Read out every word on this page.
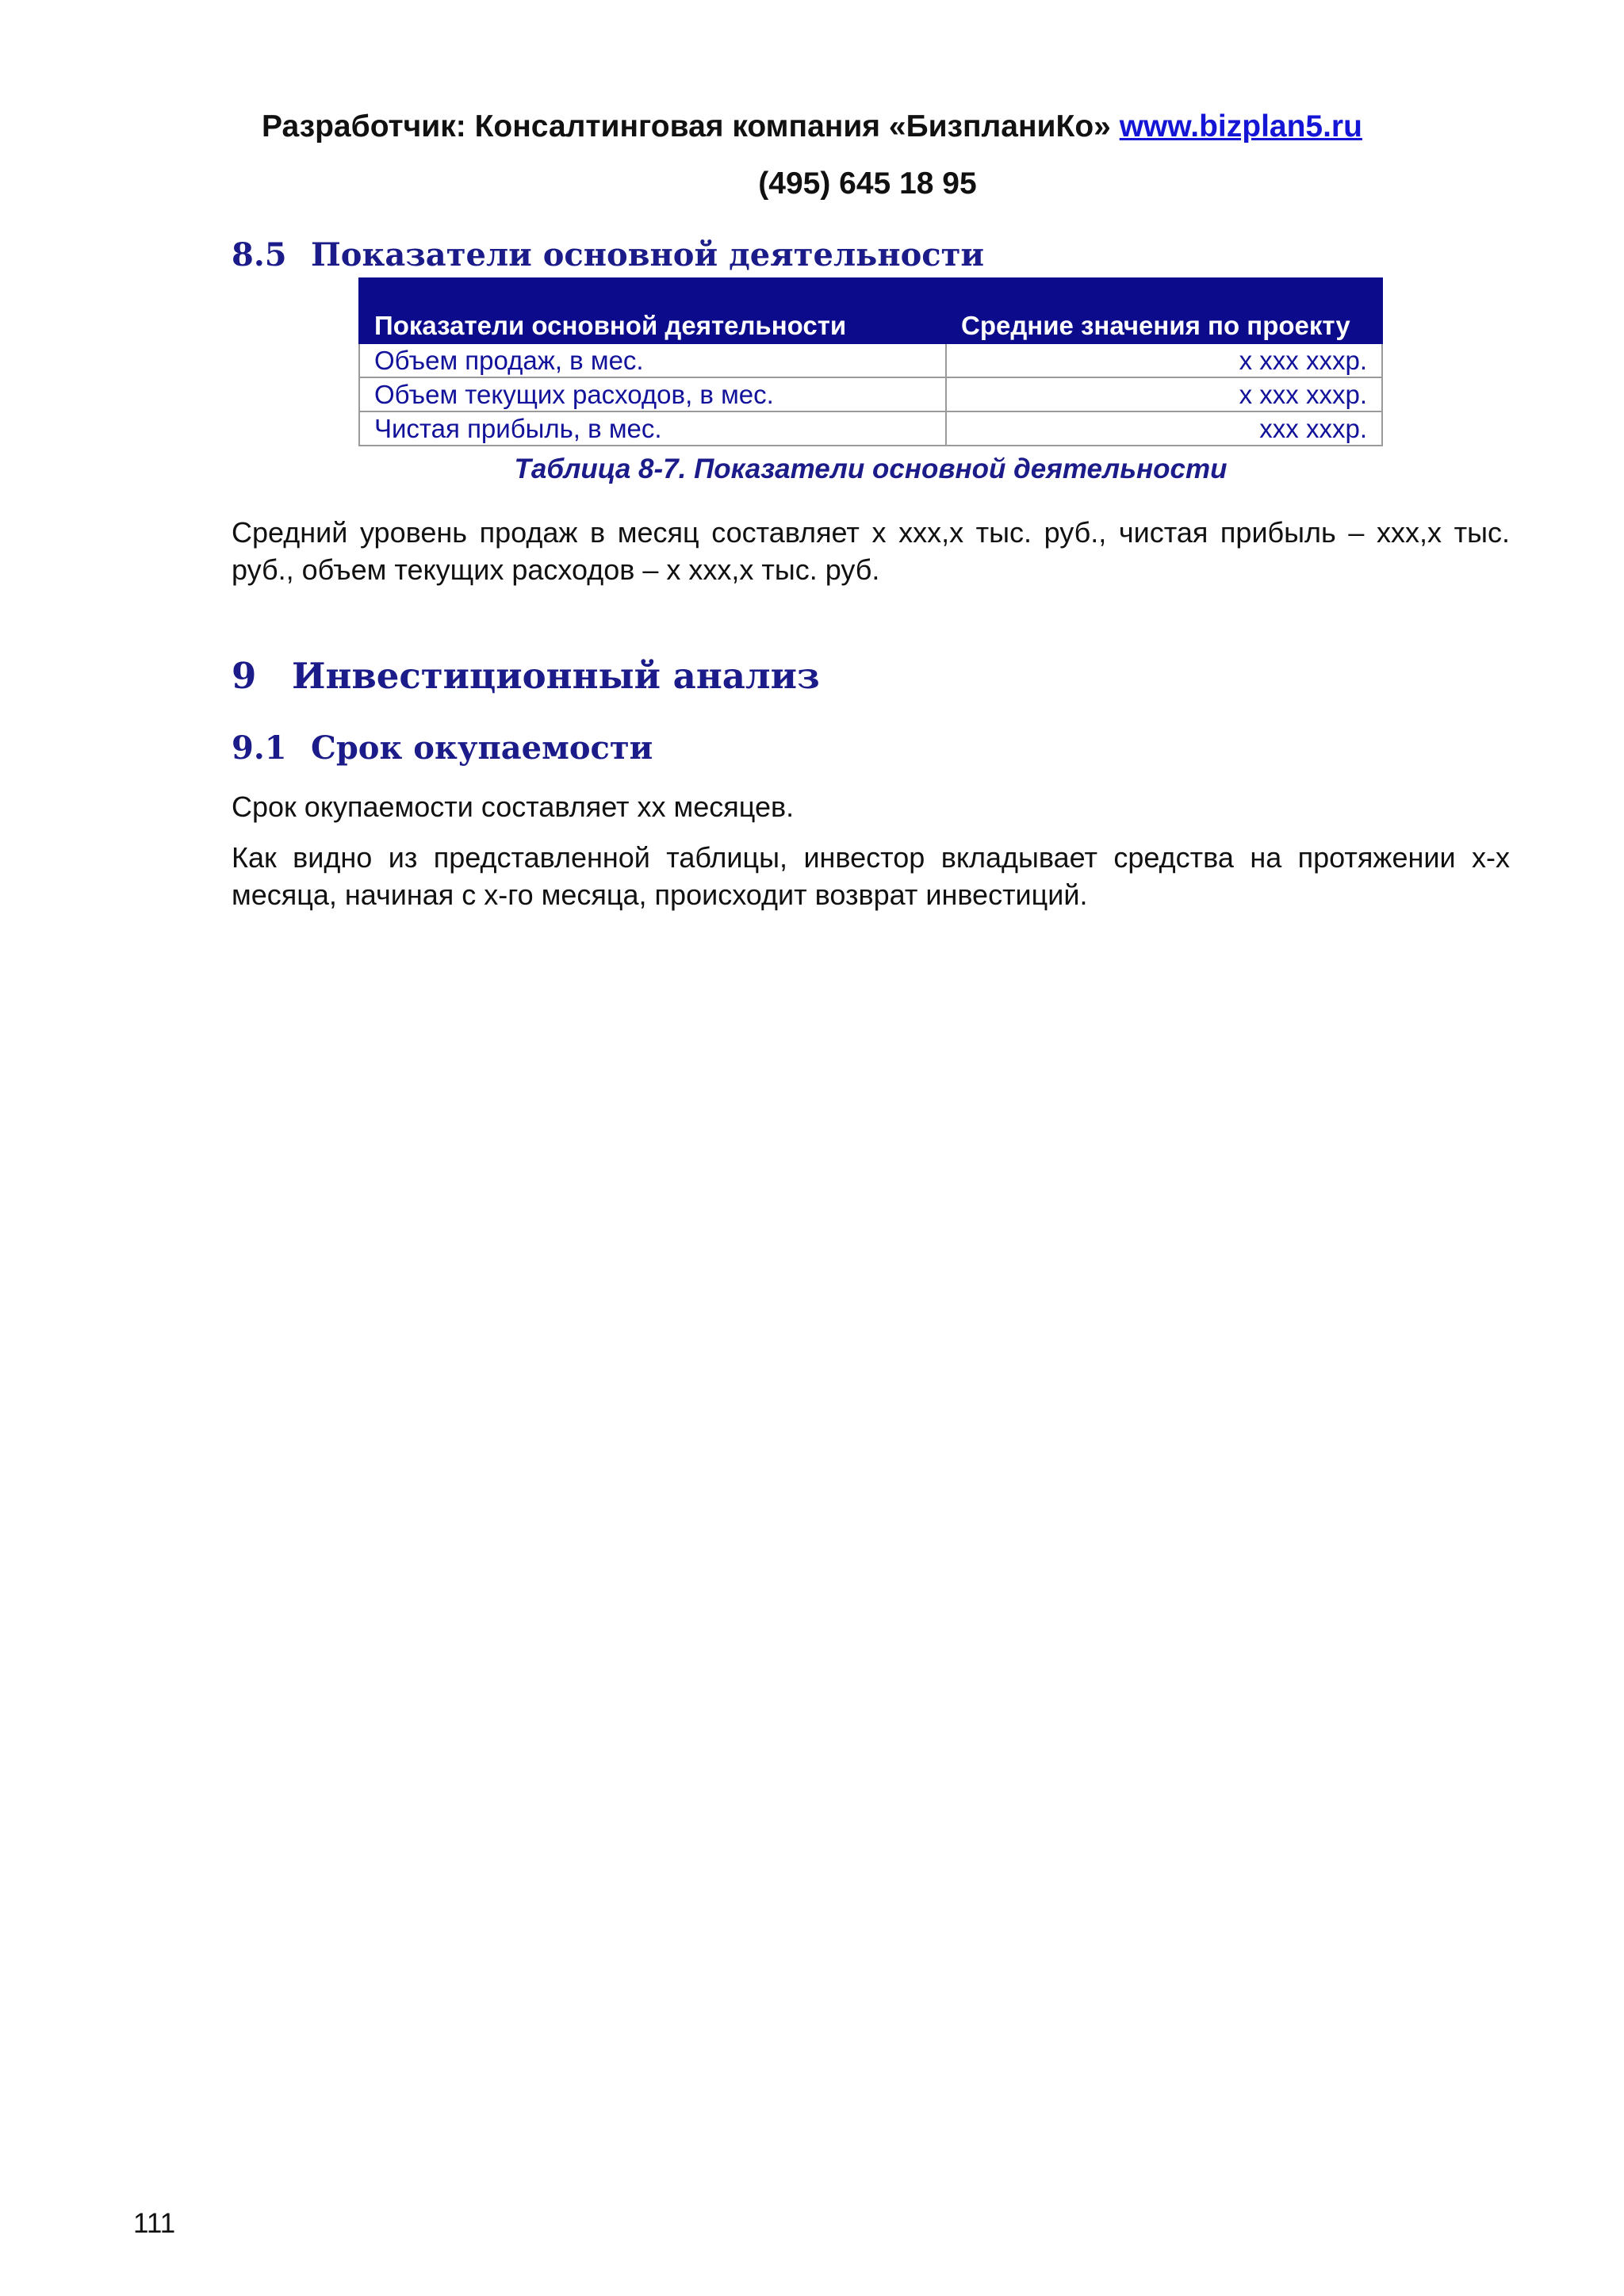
Разработчик: Консалтинговая компания «БизпланиКо» www.bizplan5.ru
(495) 645 18 95
8.5 Показатели основной деятельности
Показатели основной деятельности	Средние значения по проекту
Объем продаж, в мес.	х ххх хххр.
Объем текущих расходов, в мес.	х ххх хххр.
Чистая прибыль, в мес.	ххх хххр.
Таблица 8-7. Показатели основной деятельности
Средний уровень продаж в месяц составляет х ххх,х тыс. руб., чистая прибыль – ххх,х тыс. руб., объем текущих расходов – х ххх,х тыс. руб.
9 Инвестиционный анализ
9.1 Срок окупаемости
Срок окупаемости составляет хх месяцев.
Как видно из представленной таблицы, инвестор вкладывает средства на протяжении х-х месяца, начиная с х-го месяца, происходит возврат инвестиций.
111
